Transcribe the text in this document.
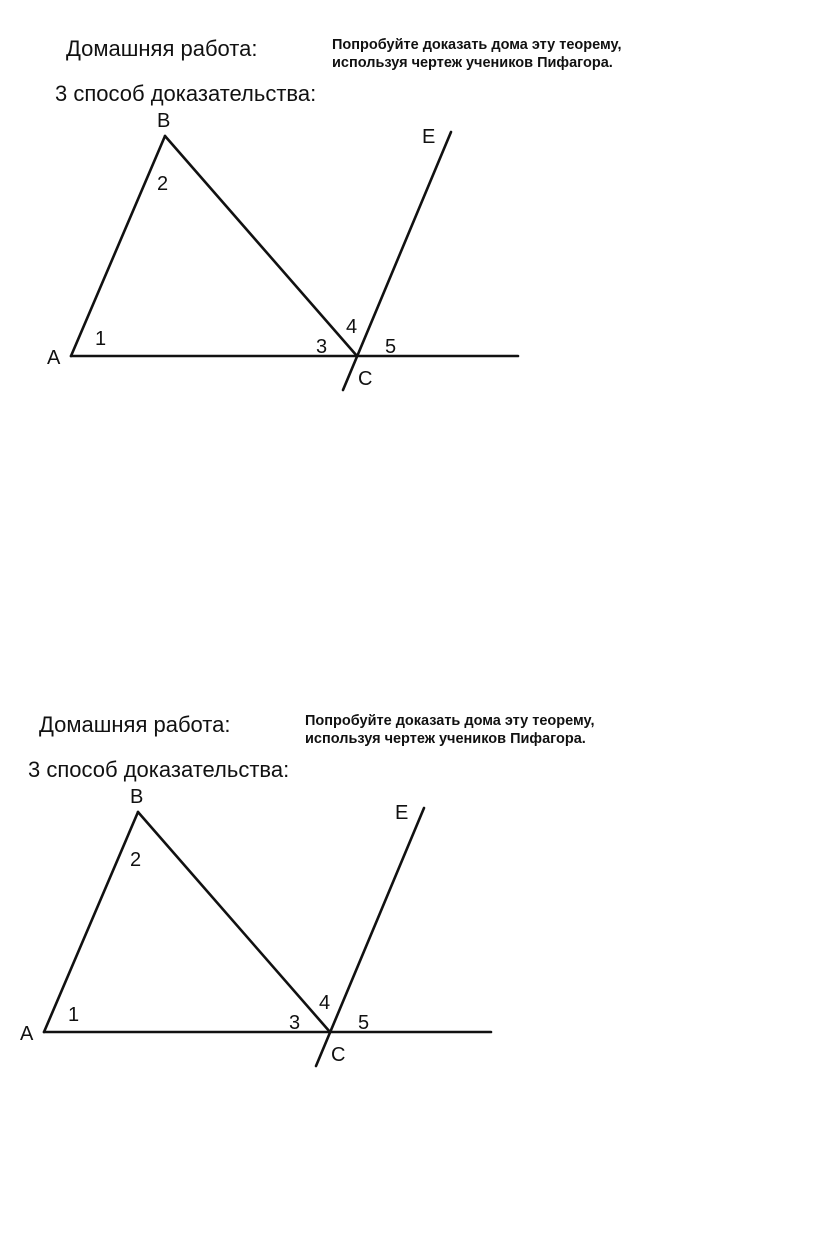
Домашняя работа:	Попробуйте доказать дома эту теорему,
используя чертеж учеников Пифагора.
3 способ доказательства:
B
A
C
E
1
2
3
4
5
Домашняя работа:	Попробуйте доказать дома эту теорему,
используя чертеж учеников Пифагора.
3 способ доказательства:
B
A
C
E
1
2
3
4
5
